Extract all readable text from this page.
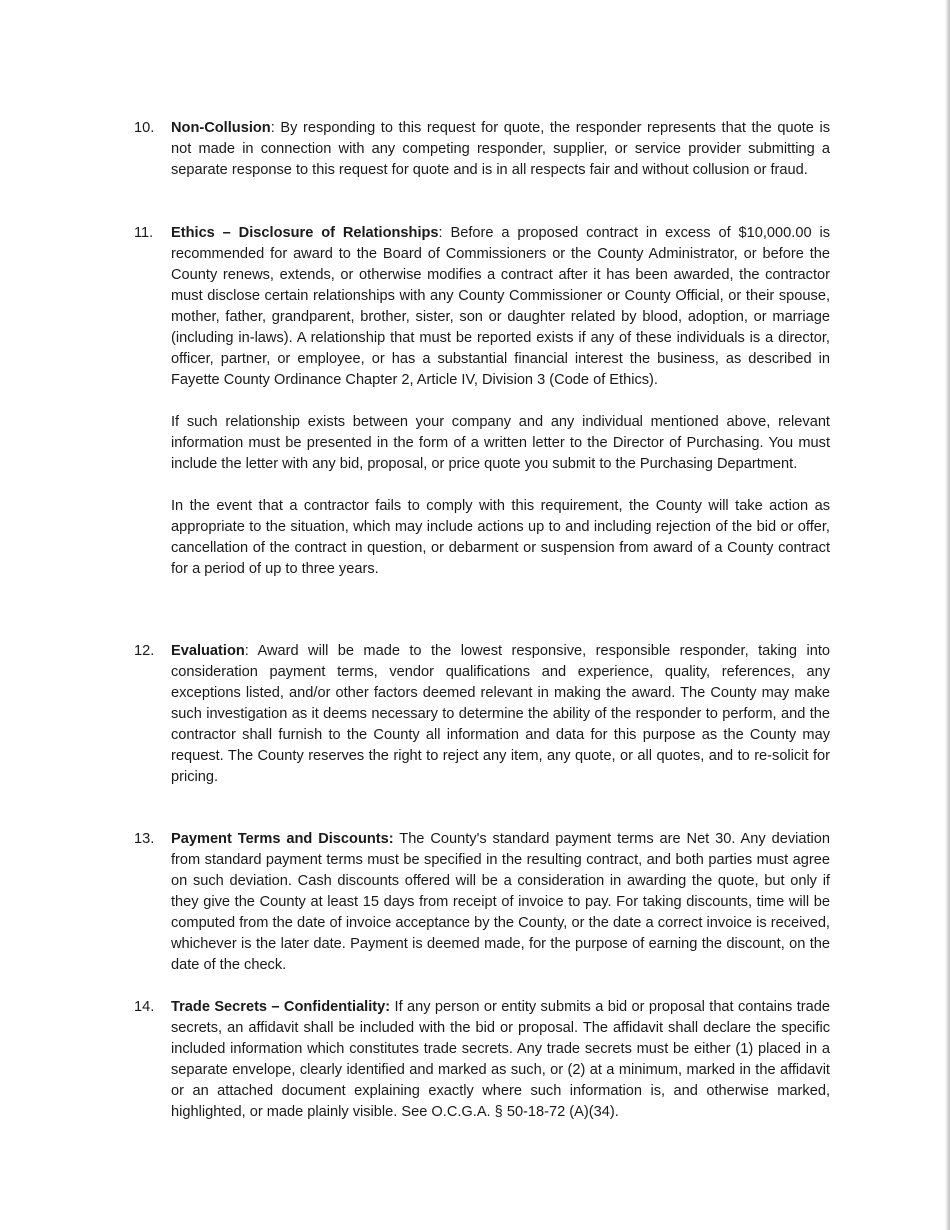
10. Non-Collusion: By responding to this request for quote, the responder represents that the quote is not made in connection with any competing responder, supplier, or service provider submitting a separate response to this request for quote and is in all respects fair and without collusion or fraud.

11. Ethics – Disclosure of Relationships: Before a proposed contract in excess of $10,000.00 is recommended for award to the Board of Commissioners or the County Administrator, or before the County renews, extends, or otherwise modifies a contract after it has been awarded, the contractor must disclose certain relationships with any County Commissioner or County Official, or their spouse, mother, father, grandparent, brother, sister, son or daughter related by blood, adoption, or marriage (including in-laws). A relationship that must be reported exists if any of these individuals is a director, officer, partner, or employee, or has a substantial financial interest the business, as described in Fayette County Ordinance Chapter 2, Article IV, Division 3 (Code of Ethics).

If such relationship exists between your company and any individual mentioned above, relevant information must be presented in the form of a written letter to the Director of Purchasing. You must include the letter with any bid, proposal, or price quote you submit to the Purchasing Department.

In the event that a contractor fails to comply with this requirement, the County will take action as appropriate to the situation, which may include actions up to and including rejection of the bid or offer, cancellation of the contract in question, or debarment or suspension from award of a County contract for a period of up to three years.

12. Evaluation: Award will be made to the lowest responsive, responsible responder, taking into consideration payment terms, vendor qualifications and experience, quality, references, any exceptions listed, and/or other factors deemed relevant in making the award. The County may make such investigation as it deems necessary to determine the ability of the responder to perform, and the contractor shall furnish to the County all information and data for this purpose as the County may request. The County reserves the right to reject any item, any quote, or all quotes, and to re-solicit for pricing.

13. Payment Terms and Discounts: The County's standard payment terms are Net 30. Any deviation from standard payment terms must be specified in the resulting contract, and both parties must agree on such deviation. Cash discounts offered will be a consideration in awarding the quote, but only if they give the County at least 15 days from receipt of invoice to pay. For taking discounts, time will be computed from the date of invoice acceptance by the County, or the date a correct invoice is received, whichever is the later date. Payment is deemed made, for the purpose of earning the discount, on the date of the check.

14. Trade Secrets – Confidentiality: If any person or entity submits a bid or proposal that contains trade secrets, an affidavit shall be included with the bid or proposal. The affidavit shall declare the specific included information which constitutes trade secrets. Any trade secrets must be either (1) placed in a separate envelope, clearly identified and marked as such, or (2) at a minimum, marked in the affidavit or an attached document explaining exactly where such information is, and otherwise marked, highlighted, or made plainly visible. See O.C.G.A. § 50-18-72 (A)(34).
